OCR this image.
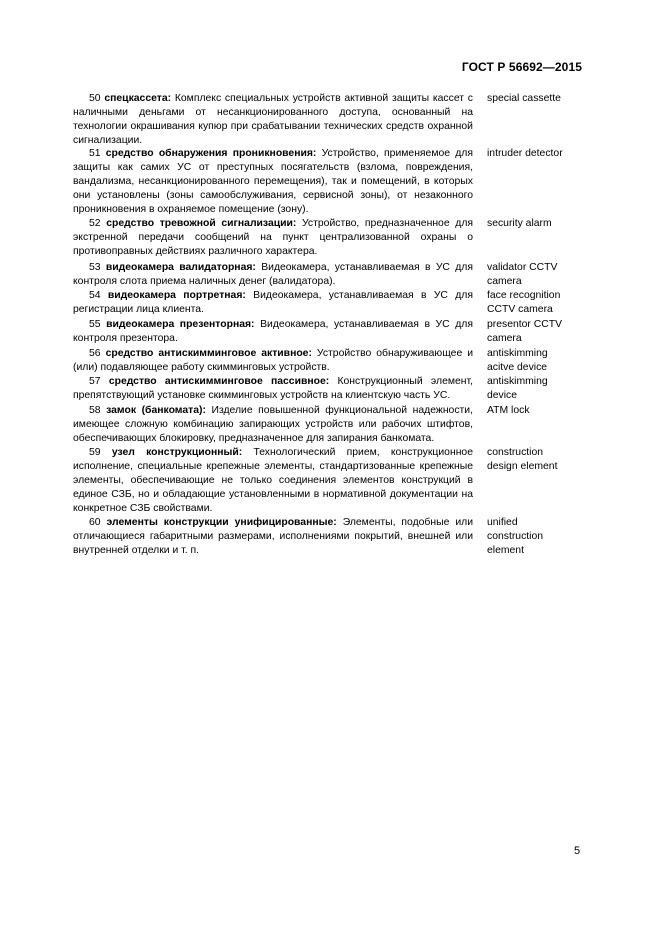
ГОСТ Р 56692—2015
50 спецкассета: Комплекс специальных устройств активной защиты кассет с наличными деньгами от несанкционированного доступа, основанный на технологии окрашивания купюр при срабатывании технических средств охранной сигнализации.
special cassette
51 средство обнаружения проникновения: Устройство, применяемое для защиты как самих УС от преступных посягательств (взлома, повреждения, вандализма, несанкционированного перемещения), так и помещений, в которых они установлены (зоны самообслуживания, сервисной зоны), от незаконного проникновения в охраняемое помещение (зону).
intruder detector
52 средство тревожной сигнализации: Устройство, предназначенное для экстренной передачи сообщений на пункт централизованной охраны о противоправных действиях различного характера.
security alarm
53 видеокамера валидаторная: Видеокамера, устанавливаемая в УС для контроля слота приема наличных денег (валидатора).
validator CCTV
camera
54 видеокамера портретная: Видеокамера, устанавливаемая в УС для регистрации лица клиента.
face recognition
CCTV camera
55 видеокамера презенторная: Видеокамера, устанавливаемая в УС для контроля презентора.
presentor CCTV
camera
56 средство антискимминговое активное: Устройство обнаруживающее и (или) подавляющее работу скимминговых устройств.
antiskimming
acitve device
57 средство антискимминговое пассивное: Конструкционный элемент, препятствующий установке скимминговых устройств на клиентскую часть УС.
antiskimming
device
58 замок (банкомата): Изделие повышенной функциональной надежности, имеющее сложную комбинацию запирающих устройств или рабочих штифтов, обеспечивающих блокировку, предназначенное для запирания банкомата.
ATM lock
59 узел конструкционный: Технологический прием, конструкционное исполнение, специальные крепежные элементы, стандартизованные крепежные элементы, обеспечивающие не только соединения элементов конструкций в единое СЗБ, но и обладающие установленными в нормативной документации на конкретное СЗБ свойствами.
construction
design element
60 элементы конструкции унифицированные: Элементы, подобные или отличающиеся габаритными размерами, исполнениями покрытий, внешней или внутренней отделки и т. п.
unified
construction
element
5
